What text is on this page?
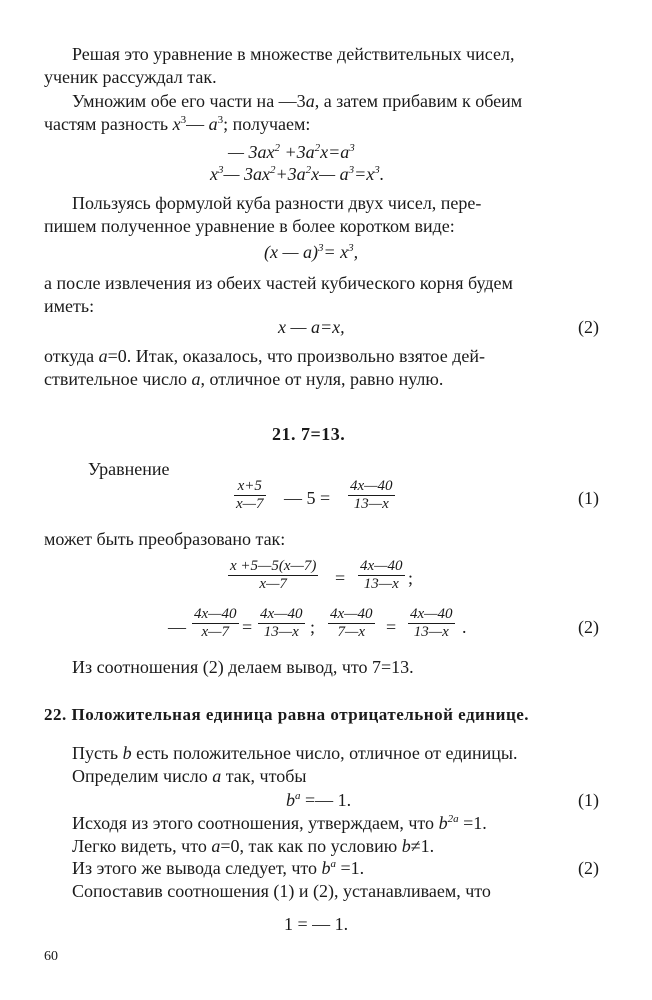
Решая это уравнение в множестве действительных чисел,
ученик рассуждал так.
Умножим обе его части на —3а, а затем прибавим к обеим
частям разность $x^3—$ $a^3$; получаем:
— $3ax^2 +3a^2x=a^3$
$x^3—$ $3ax^2+3a^2x—$ $a^3=x^3$.
Пользуясь формулой куба разности двух чисел, пере-
пишем полученное уравнение в более коротком виде:
(x — $a)^3= x^3$,
а после извлечения из обеих частей кубического корня будем
иметь:
x — a=x,	(2)
откуда a=0. Итак, оказалось, что произвольно взятое дей-
ствительное число a, отличное от нуля, равно нулю.
21. 7=13.
Уравнение
x+5
x—7 — 5 =
4x—40
13—x	(1)
может быть преобразовано так:
x +5—5(x—7)
x—7	=
4x—40
13—x ;
—
4x—40
x—7 =
4x—40
13—x ;
4x—40
7—x =
4x—40
13—x .	(2)
Из соотношения (2) делаем вывод, что 7=13.
22. Положительная единица равна отрицательной единице.
Пусть b есть положительное число, отличное от единицы.
Определим число a так, чтобы
$b^a$ =— 1.	(1)
Исходя из этого соотношения, утверждаем, что $b^{2a} =1$.
Легко видеть, что a=0, так как по условию b≠1.
Из этого же вывода следует, что $b^a =1$.	(2)
Сопоставив соотношения (1) и (2), устанавливаем, что
1 = — 1.
60
